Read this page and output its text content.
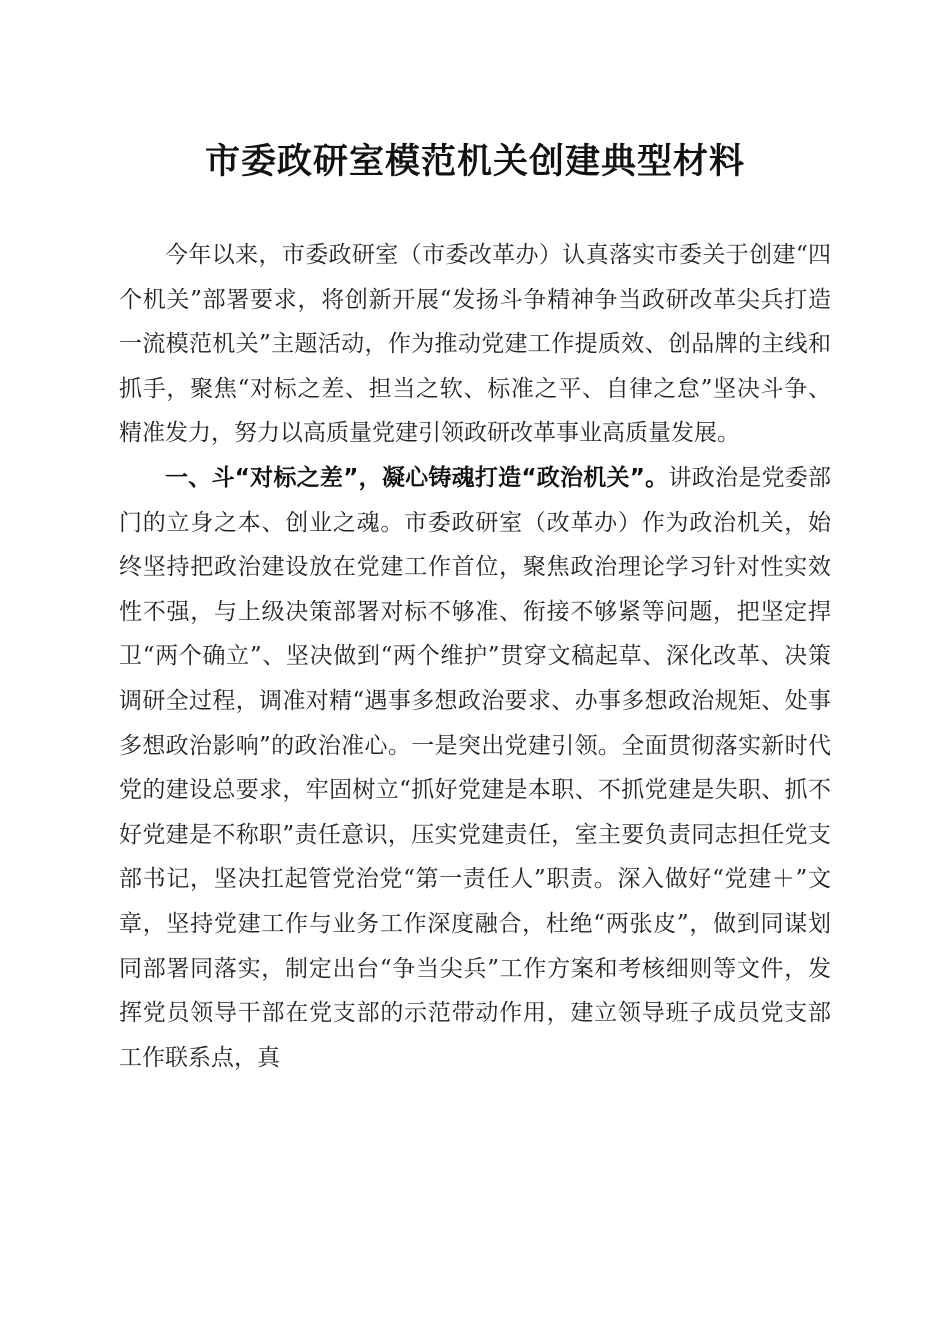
市委政研室模范机关创建典型材料

今年以来，市委政研室（市委改革办）认真落实市委关于创建“四个机关”部署要求，将创新开展“发扬斗争精神争当政研改革尖兵打造一流模范机关”主题活动，作为推动党建工作提质效、创品牌的主线和抓手，聚焦“对标之差、担当之软、标准之平、自律之怠”坚决斗争、精准发力，努力以高质量党建引领政研改革事业高质量发展。

一、斗“对标之差”，凝心铸魂打造“政治机关”。讲政治是党委部门的立身之本、创业之魂。市委政研室（改革办）作为政治机关，始终坚持把政治建设放在党建工作首位，聚焦政治理论学习针对性实效性不强，与上级决策部署对标不够准、衔接不够紧等问题，把坚定捍卫“两个确立”、坚决做到“两个维护”贯穿文稿起草、深化改革、决策调研全过程，调准对精“遇事多想政治要求、办事多想政治规矩、处事多想政治影响”的政治准心。一是突出党建引领。全面贯彻落实新时代党的建设总要求，牢固树立“抓好党建是本职、不抓党建是失职、抓不好党建是不称职”责任意识，压实党建责任，室主要负责同志担任党支部书记，坚决扛起管党治党“第一责任人”职责。深入做好“党建＋”文章，坚持党建工作与业务工作深度融合，杜绝“两张皮”，做到同谋划同部署同落实，制定出台“争当尖兵”工作方案和考核细则等文件，发挥党员领导干部在党支部的示范带动作用，建立领导班子成员党支部工作联系点，真
